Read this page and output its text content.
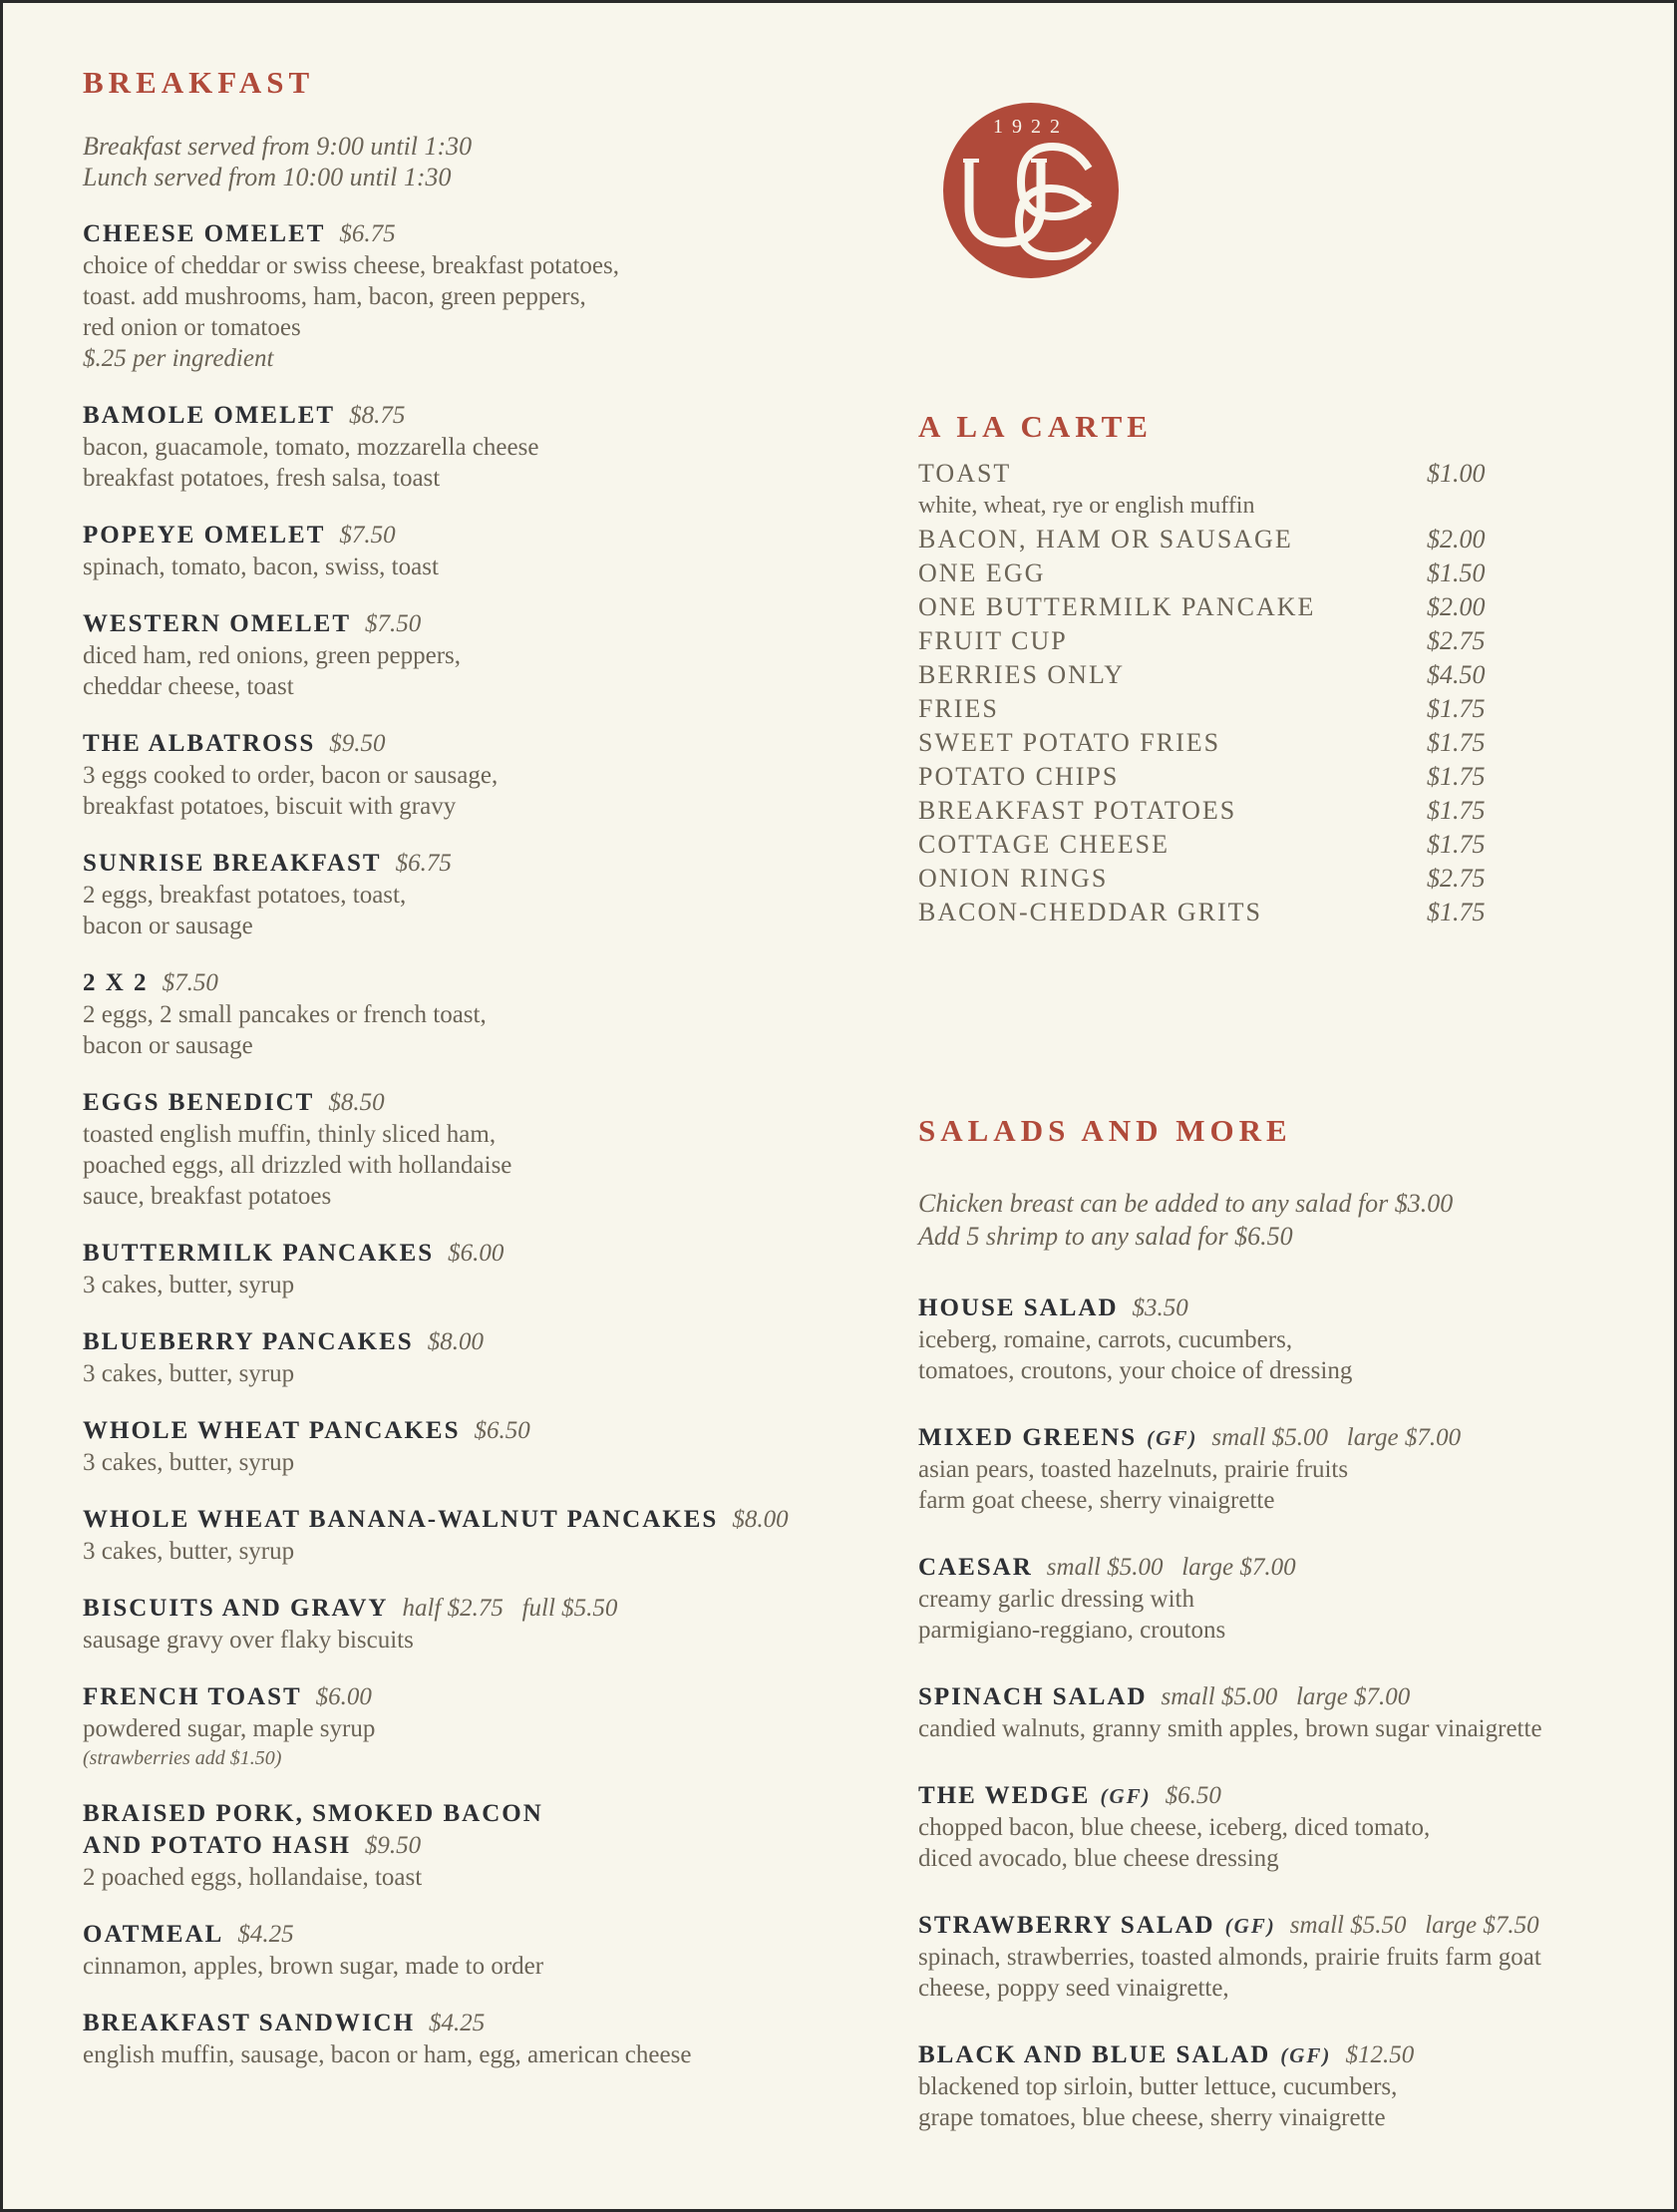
BREAKFAST
Breakfast served from 9:00 until 1:30
Lunch served from 10:00 until 1:30
CHEESE OMELET $6.75
choice of cheddar or swiss cheese, breakfast potatoes,
toast. add mushrooms, ham, bacon, green peppers,
red onion or tomatoes
$.25 per ingredient
BAMOLE OMELET $8.75
bacon, guacamole, tomato, mozzarella cheese
breakfast potatoes, fresh salsa, toast
POPEYE OMELET $7.50
spinach, tomato, bacon, swiss, toast
WESTERN OMELET $7.50
diced ham, red onions, green peppers,
cheddar cheese, toast
THE ALBATROSS $9.50
3 eggs cooked to order, bacon or sausage,
breakfast potatoes, biscuit with gravy
SUNRISE BREAKFAST $6.75
2 eggs, breakfast potatoes, toast,
bacon or sausage
2 X 2 $7.50
2 eggs, 2 small pancakes or french toast,
bacon or sausage
EGGS BENEDICT $8.50
toasted english muffin, thinly sliced ham,
poached eggs, all drizzled with hollandaise
sauce, breakfast potatoes
BUTTERMILK PANCAKES $6.00
3 cakes, butter, syrup
BLUEBERRY PANCAKES $8.00
3 cakes, butter, syrup
WHOLE WHEAT PANCAKES $6.50
3 cakes, butter, syrup
WHOLE WHEAT BANANA-WALNUT PANCAKES $8.00
3 cakes, butter, syrup
BISCUITS AND GRAVY half $2.75   full $5.50
sausage gravy over flaky biscuits
FRENCH TOAST $6.00
powdered sugar, maple syrup
(strawberries add $1.50)
BRAISED PORK, SMOKED BACON
AND POTATO HASH $9.50
2 poached eggs, hollandaise, toast
OATMEAL $4.25
cinnamon, apples, brown sugar, made to order
BREAKFAST SANDWICH $4.25
english muffin, sausage, bacon or ham, egg, american cheese
1922
A LA CARTE
TOAST	$1.00
white, wheat, rye or english muffin
BACON, HAM OR SAUSAGE	$2.00
ONE EGG	$1.50
ONE BUTTERMILK PANCAKE	$2.00
FRUIT CUP	$2.75
BERRIES ONLY	$4.50
FRIES	$1.75
SWEET POTATO FRIES	$1.75
POTATO CHIPS	$1.75
BREAKFAST POTATOES	$1.75
COTTAGE CHEESE	$1.75
ONION RINGS	$2.75
BACON-CHEDDAR GRITS	$1.75
SALADS AND MORE
Chicken breast can be added to any salad for $3.00
Add 5 shrimp to any salad for $6.50
HOUSE SALAD $3.50
iceberg, romaine, carrots, cucumbers,
tomatoes, croutons, your choice of dressing
MIXED GREENS (GF) small $5.00   large $7.00
asian pears, toasted hazelnuts, prairie fruits
farm goat cheese, sherry vinaigrette
CAESAR small $5.00   large $7.00
creamy garlic dressing with
parmigiano-reggiano, croutons
SPINACH SALAD small $5.00   large $7.00
candied walnuts, granny smith apples, brown sugar vinaigrette
THE WEDGE (GF) $6.50
chopped bacon, blue cheese, iceberg, diced tomato,
diced avocado, blue cheese dressing
STRAWBERRY SALAD (GF) small $5.50   large $7.50
spinach, strawberries, toasted almonds, prairie fruits farm goat
cheese, poppy seed vinaigrette,
BLACK AND BLUE SALAD (GF) $12.50
blackened top sirloin, butter lettuce, cucumbers,
grape tomatoes, blue cheese, sherry vinaigrette
